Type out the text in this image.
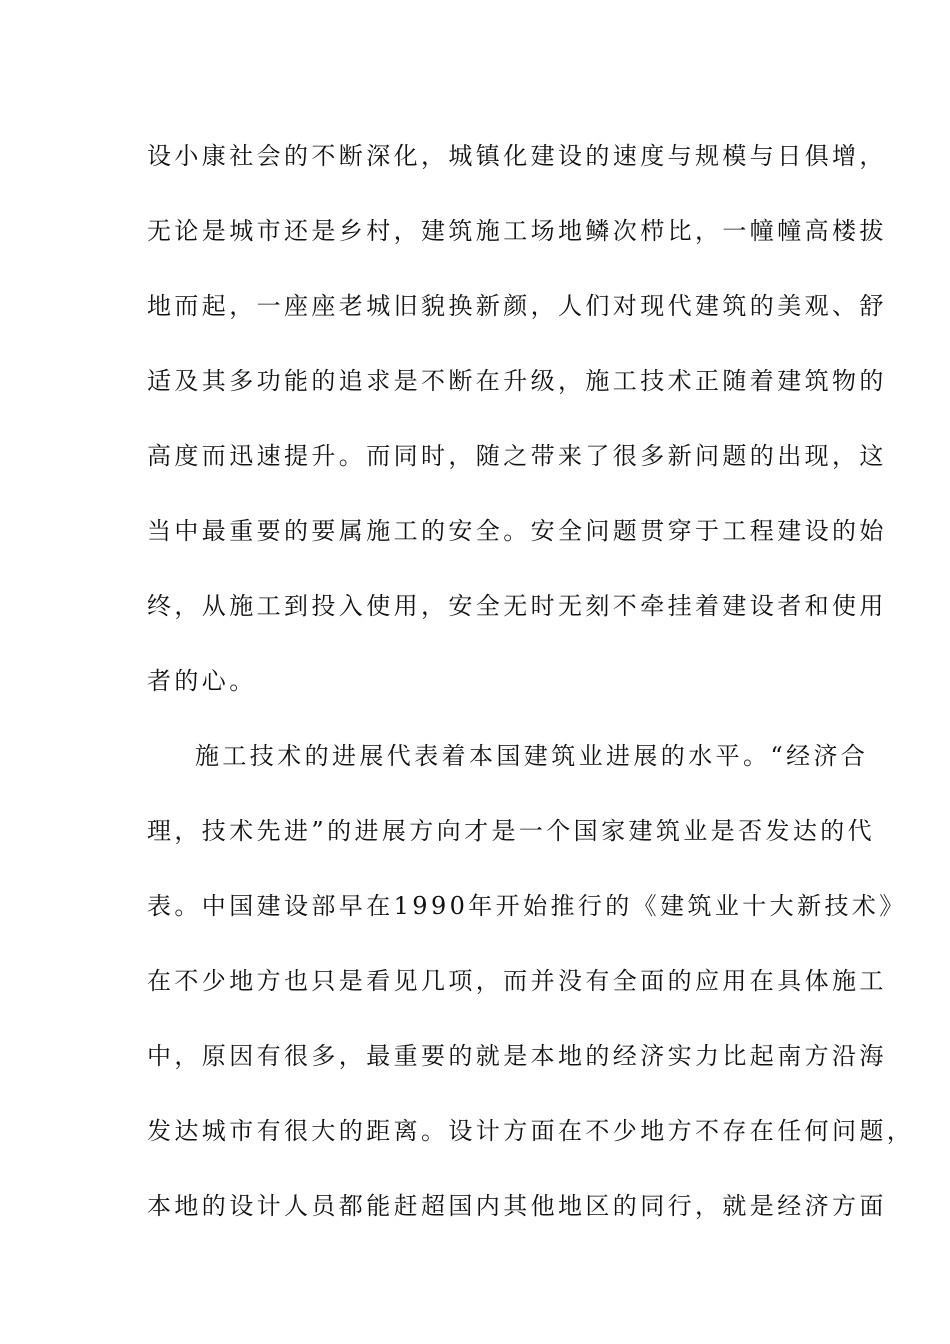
设小康社会的不断深化，城镇化建设的速度与规模与日俱增，
无论是城市还是乡村，建筑施工场地鳞次栉比，一幢幢高楼拔
地而起，一座座老城旧貌换新颜，人们对现代建筑的美观、舒
适及其多功能的追求是不断在升级，施工技术正随着建筑物的
高度而迅速提升。而同时，随之带来了很多新问题的出现，这
当中最重要的要属施工的安全。安全问题贯穿于工程建设的始
终，从施工到投入使用，安全无时无刻不牵挂着建设者和使用
者的心。
施工技术的进展代表着本国建筑业进展的水平。“经济合
理，技术先进”的进展方向才是一个国家建筑业是否发达的代
表。中国建设部早在1990年开始推行的《建筑业十大新技术》
在不少地方也只是看见几项，而并没有全面的应用在具体施工
中，原因有很多，最重要的就是本地的经济实力比起南方沿海
发达城市有很大的距离。设计方面在不少地方不存在任何问题，
本地的设计人员都能赶超国内其他地区的同行，就是经济方面
